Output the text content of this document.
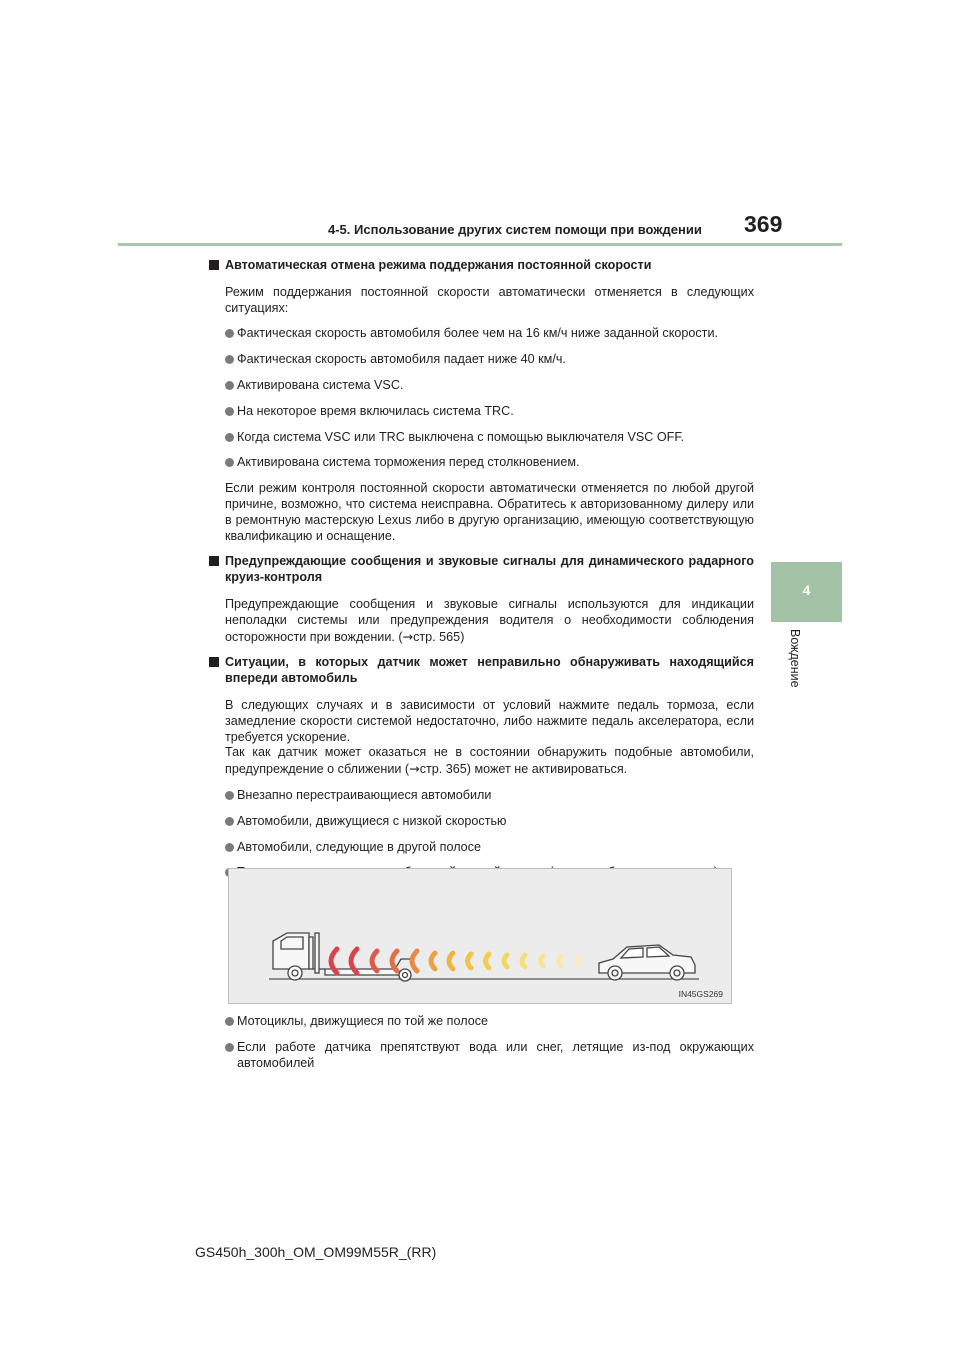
4-5. Использование других систем помощи при вождении 369
4
Вождение
Автоматическая отмена режима поддержания постоянной скорости
Режим поддержания постоянной скорости автоматически отменяется в следующих ситуациях:
Фактическая скорость автомобиля более чем на 16 км/ч ниже заданной скорости.
Фактическая скорость автомобиля падает ниже 40 км/ч.
Активирована система VSC.
На некоторое время включилась система TRC.
Когда система VSC или TRC выключена с помощью выключателя VSC OFF.
Активирована система торможения перед столкновением.
Если режим контроля постоянной скорости автоматически отменяется по любой другой причине, возможно, что система неисправна. Обратитесь к авторизованному дилеру или в ремонтную мастерскую Lexus либо в другую организацию, имеющую соответствующую квалификацию и оснащение.
Предупреждающие сообщения и звуковые сигналы для динамического радарного круиз-контроля
Предупреждающие сообщения и звуковые сигналы используются для индикации неполадки системы или предупреждения водителя о необходимости соблюдения осторожности при вождении. (→стр. 565)
Ситуации, в которых датчик может неправильно обнаруживать находящийся впереди автомобиль
В следующих случаях и в зависимости от условий нажмите педаль тормоза, если замедление скорости системой недостаточно, либо нажмите педаль акселератора, если требуется ускорение.
Так как датчик может оказаться не в состоянии обнаружить подобные автомобили, предупреждение о сближении (→стр. 365) может не активироваться.
Внезапно перестраивающиеся автомобили
Автомобили, движущиеся с низкой скоростью
Автомобили, следующие в другой полосе
IN45GS269
Мотоциклы, движущиеся по той же полосе
Если работе датчика препятствуют вода или снег, летящие из-под окружающих автомобилей
GS450h_300h_OM_OM99M55R_(RR)
